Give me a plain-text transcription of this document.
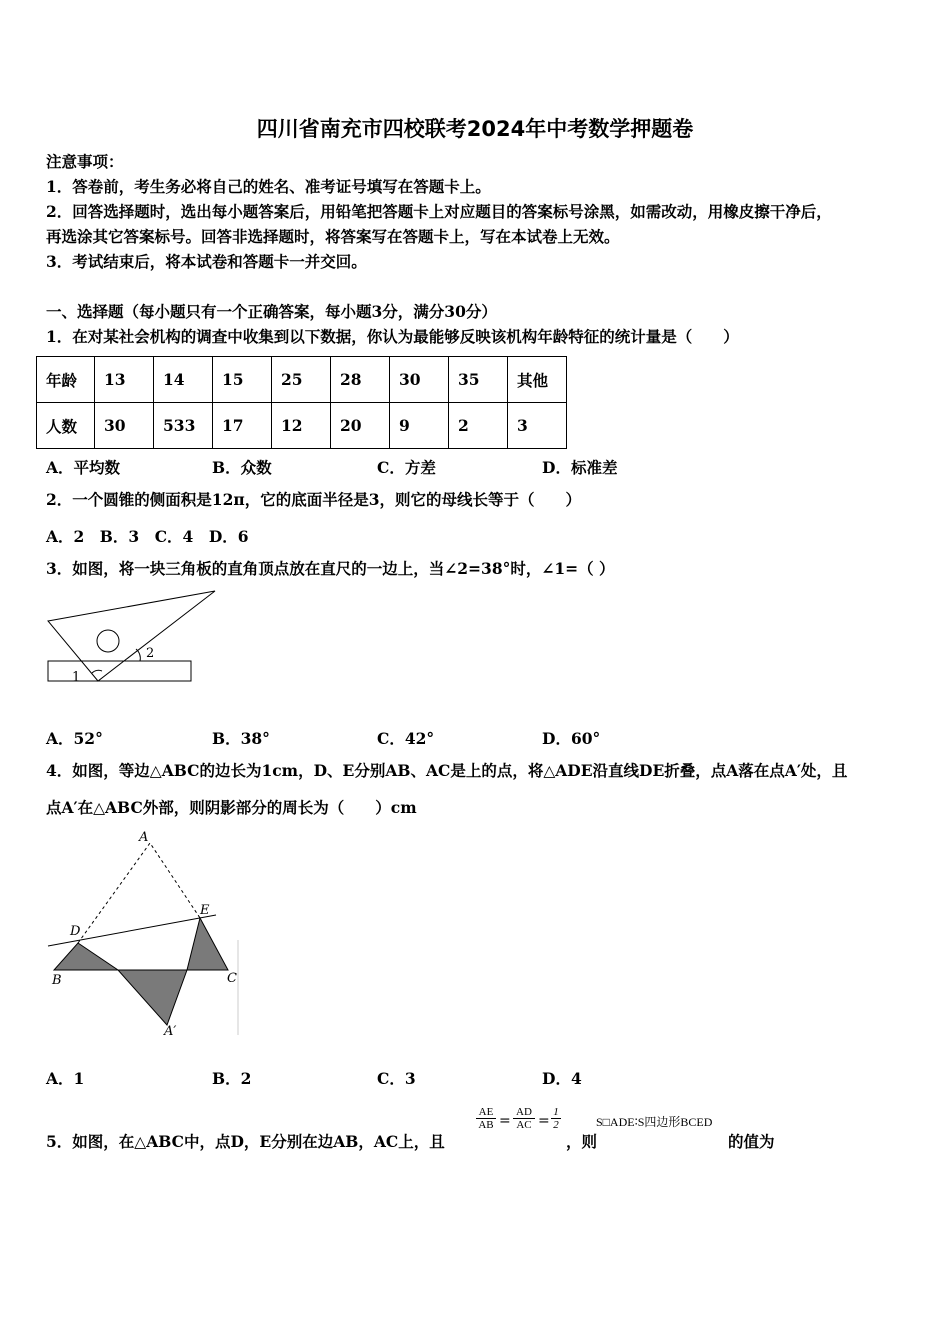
四川省南充市四校联考2024年中考数学押题卷
注意事项：
1．答卷前，考生务必将自己的姓名、准考证号填写在答题卡上。
2．回答选择题时，选出每小题答案后，用铅笔把答题卡上对应题目的答案标号涂黑，如需改动，用橡皮擦干净后，
再选涂其它答案标号。回答非选择题时，将答案写在答题卡上，写在本试卷上无效。
3．考试结束后，将本试卷和答题卡一并交回。
一、选择题（每小题只有一个正确答案，每小题3分，满分30分）
1．在对某社会机构的调查中收集到以下数据，你认为最能够反映该机构年龄特征的统计量是（　　）
年龄	13	14	15	25	28	30	35	其他
人数	30	533	17	12	20	9	2	3
A．平均数	B．众数	C．方差	D．标准差
2．一个圆锥的侧面积是12π，它的底面半径是3，则它的母线长等于（　　）
A．2　B．3　C．4　D．6
3．如图，将一块三角板的直角顶点放在直尺的一边上，当∠2=38°时，∠1=（ ）
1
2
A．52°	B．38°	C．42°	D．60°
4．如图，等边△ABC的边长为1cm，D、E分别AB、AC是上的点，将△ADE沿直线DE折叠，点A落在点A′处，且
点A′在△ABC外部，则阴影部分的周长为（　　）cm
A
D
E
B	C
A′
A．1	B．2	C．3	D．4
5．如图，在△ABC中，点D，E分别在边AB，AC上，且
$\frac{AE}{AB} = \frac{AD}{AC} = \frac{1}{2}$
，则
S□ADE∶S四边形BCED
的值为
